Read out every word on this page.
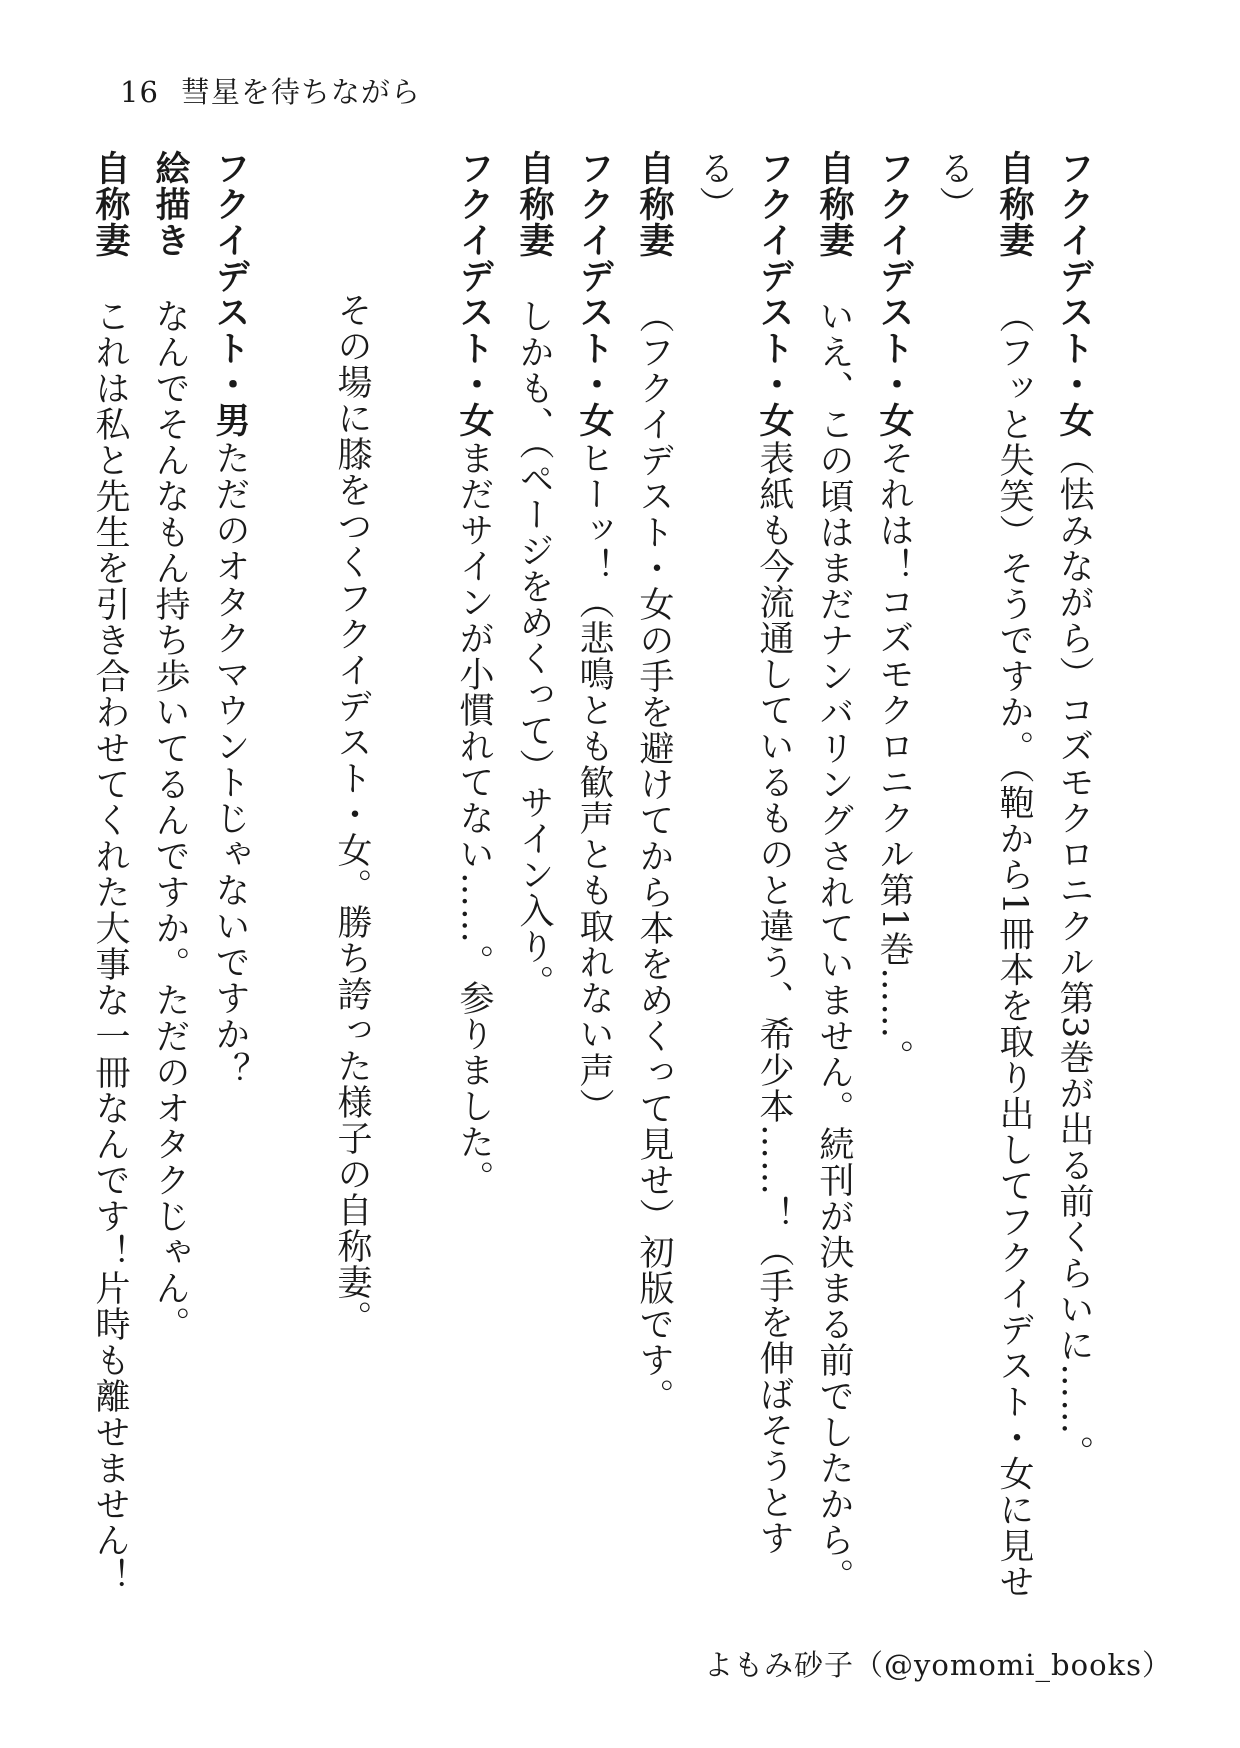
16 彗星を待ちながら
フクイデスト・女（怯みながら）コズモクロニクル第3巻が出る前くらいに……。
自称妻（フッと失笑）そうですか。（鞄から1冊本を取り出してフクイデスト・女に見せ
る）
フクイデスト・女それは！コズモクロニクル第1巻……。
自称妻いえ、この頃はまだナンバリングされていません。続刊が決まる前でしたから。
フクイデスト・女表紙も今流通しているものと違う、希少本……！（手を伸ばそうとす
る）
自称妻（フクイデスト・女の手を避けてから本をめくって見せ）初版です。
フクイデスト・女ヒーッ！（悲鳴とも歓声とも取れない声）
自称妻しかも、（ページをめくって）サイン入り。
フクイデスト・女まだサインが小慣れてない……。参りました。
その場に膝をつくフクイデスト・女。勝ち誇った様子の自称妻。
フクイデスト・男ただのオタクマウントじゃないですか？
絵描きなんでそんなもん持ち歩いてるんですか。ただのオタクじゃん。
自称妻これは私と先生を引き合わせてくれた大事な一冊なんです！片時も離せません！
よもみ砂子（@yomomi_books）
